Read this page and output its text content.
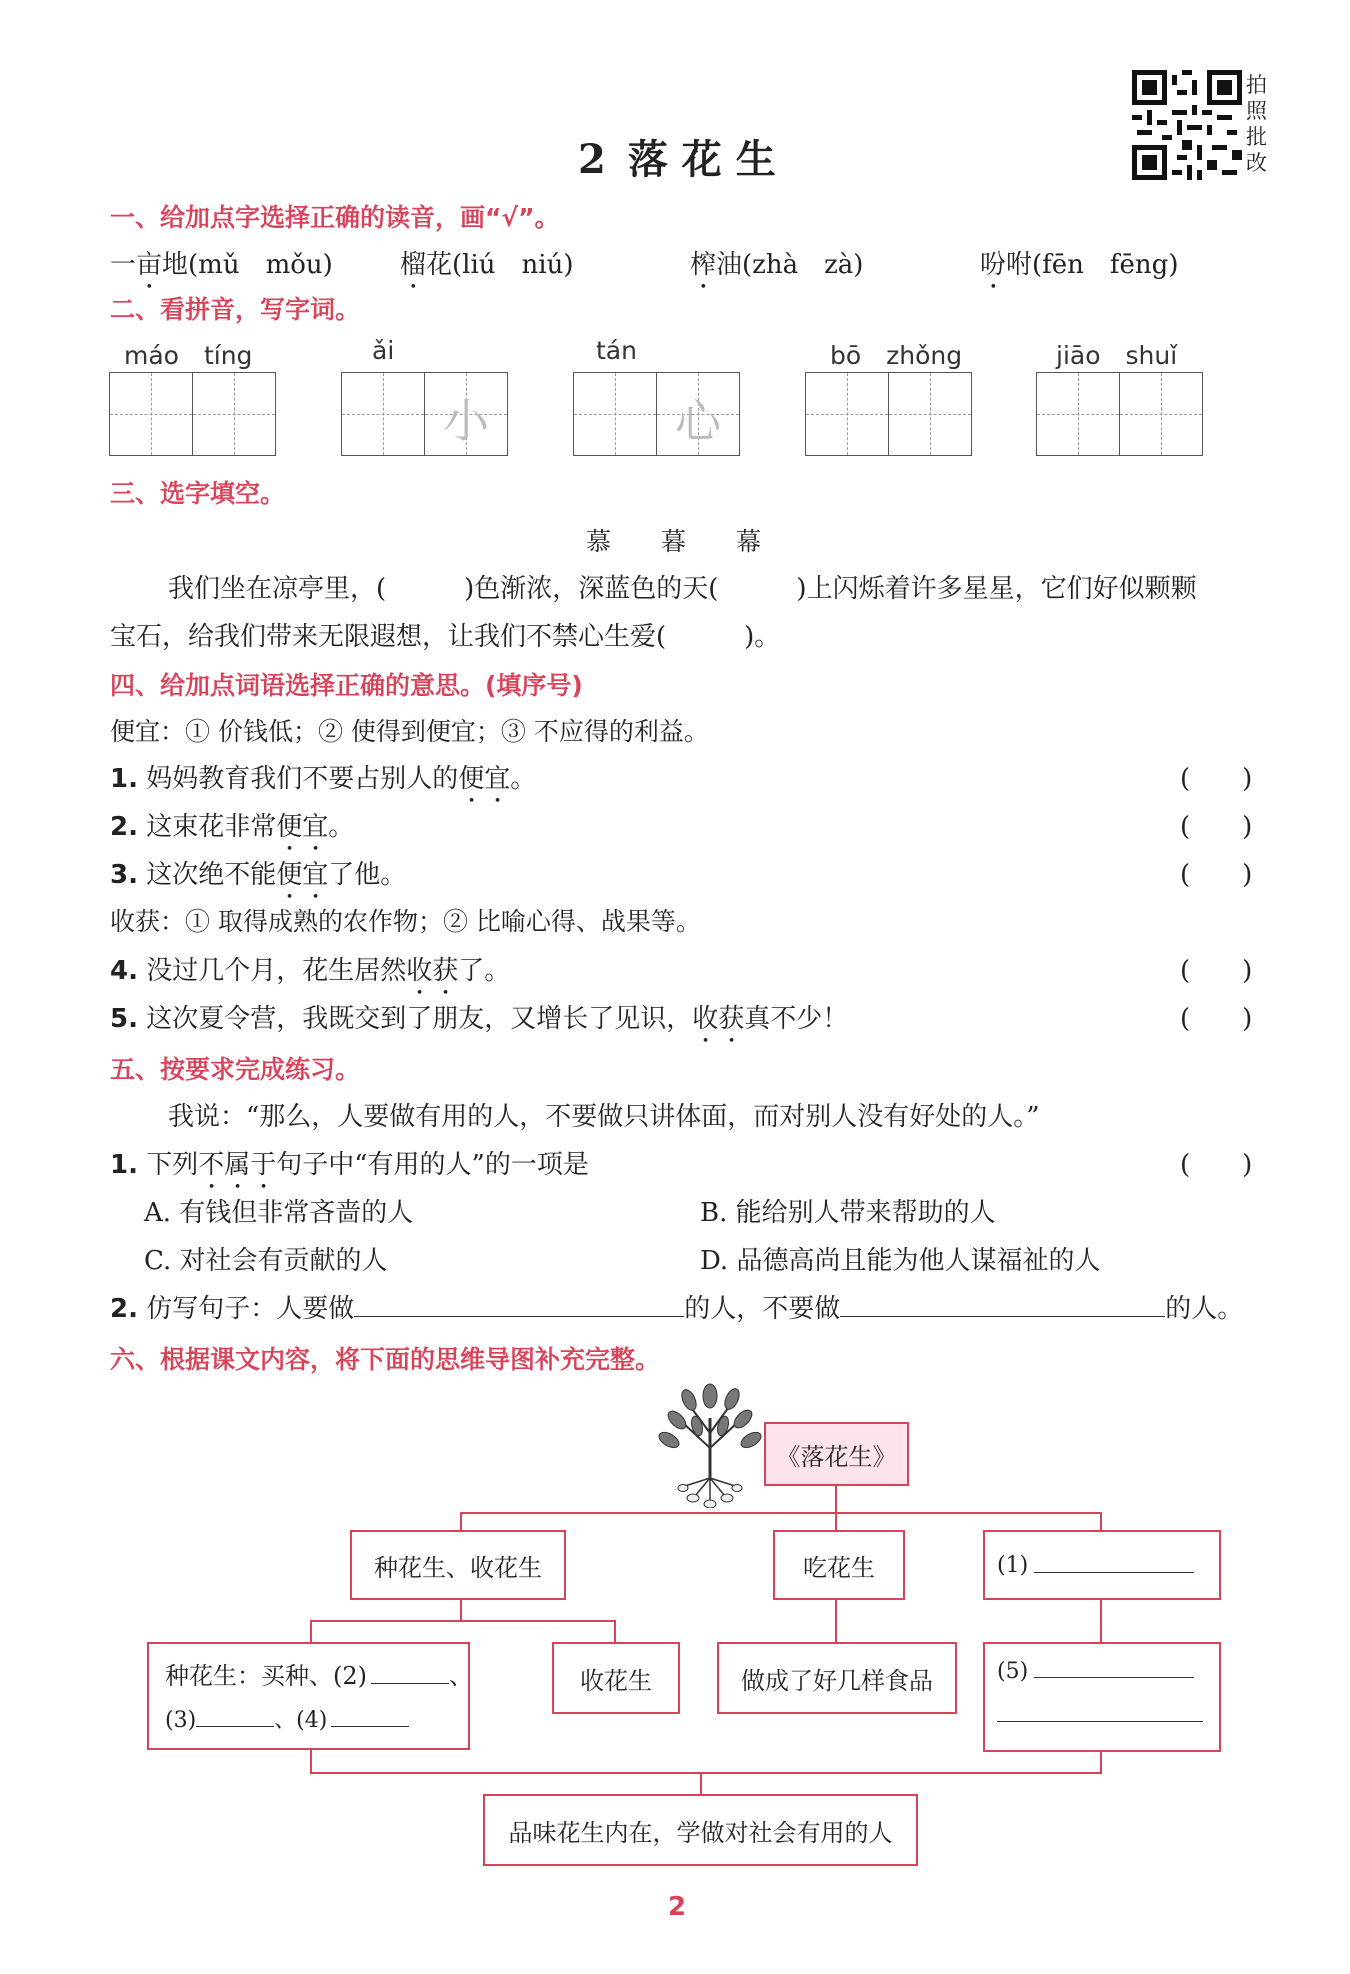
2 落 花 生
拍
照
批
改
一、给加点字选择正确的读音，画“√”。
一亩地(mǔ　mǒu)	榴花(liú　niú)	榨油(zhà　zà)	吩咐(fēn　fēng)
二、看拼音，写字词。
máo　tíng	ǎi	tán	bō　zhǒng	jiāo　shuǐ
小	心
三、选字填空。
慕　　暮　　幕
我们坐在凉亭里，(　　　)色渐浓，深蓝色的天(　　　)上闪烁着许多星星，它们好似颗颗
宝石，给我们带来无限遐想，让我们不禁心生爱(　　　)。
四、给加点词语选择正确的意思。(填序号)
便宜：① 价钱低；② 使得到便宜；③ 不应得的利益。
1. 妈妈教育我们不要占别人的便宜。	(　　)
2. 这束花非常便宜。	(　　)
3. 这次绝不能便宜了他。	(　　)
收获：① 取得成熟的农作物；② 比喻心得、战果等。
4. 没过几个月，花生居然收获了。	(　　)
5. 这次夏令营，我既交到了朋友，又增长了见识，收获真不少！	(　　)
五、按要求完成练习。
我说：“那么，人要做有用的人，不要做只讲体面，而对别人没有好处的人。”
1. 下列不属于句子中“有用的人”的一项是	(　　)
A. 有钱但非常吝啬的人	B. 能给别人带来帮助的人
C. 对社会有贡献的人	D. 品德高尚且能为他人谋福祉的人
2. 仿写句子：人要做	的人，不要做	的人。
六、根据课文内容，将下面的思维导图补充完整。
《落花生》
种花生、收花生	吃花生	(1)
种花生：买种、(2)	、
(3)	、(4)
收花生	做成了好几样食品	(5)
品味花生内在，学做对社会有用的人
2
